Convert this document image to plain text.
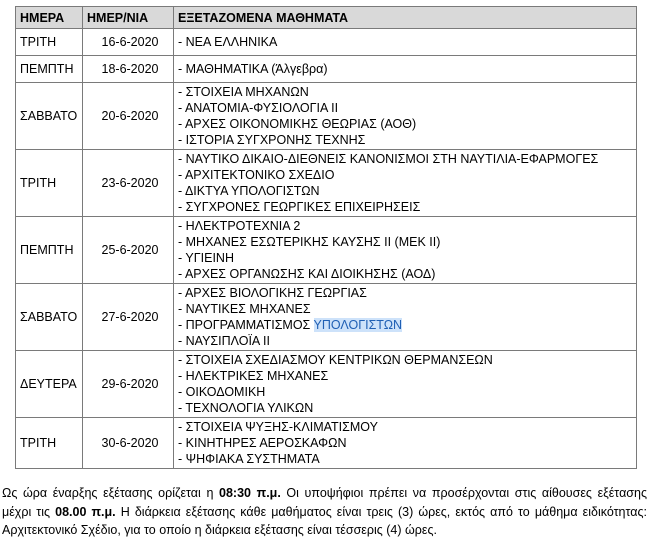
ΗΜΕΡΑ	ΗΜΕΡ/ΝΙΑ	ΕΞΕΤΑΖΟΜΕΝΑ ΜΑΘΗΜΑΤΑ
ΤΡΙΤΗ	16-6-2020	- ΝΕΑ ΕΛΛΗΝΙΚΑ

ΠΕΜΠΤΗ	18-6-2020	- ΜΑΘΗΜΑΤΙΚΑ (Άλγεβρα)

ΣΑΒΒΑΤΟ	20-6-2020	- ΣΤΟΙΧΕΙΑ ΜΗΧΑΝΩΝ
- ΑΝΑΤΟΜΙΑ-ΦΥΣΙΟΛΟΓΙΑ ΙΙ
- ΑΡΧΕΣ ΟΙΚΟΝΟΜΙΚΗΣ ΘΕΩΡΙΑΣ (ΑΟΘ)
- ΙΣΤΟΡΙΑ ΣΥΓΧΡΟΝΗΣ ΤΕΧΝΗΣ

ΤΡΙΤΗ	23-6-2020	- ΝΑΥΤΙΚΟ ΔΙΚΑΙΟ-ΔΙΕΘΝΕΙΣ ΚΑΝΟΝΙΣΜΟΙ ΣΤΗ ΝΑΥΤΙΛΙΑ-ΕΦΑΡΜΟΓΕΣ
- ΑΡΧΙΤΕΚΤΟΝΙΚΟ ΣΧΕΔΙΟ
- ΔΙΚΤΥΑ ΥΠΟΛΟΓΙΣΤΩΝ
- ΣΥΓΧΡΟΝΕΣ ΓΕΩΡΓΙΚΕΣ ΕΠΙΧΕΙΡΗΣΕΙΣ

ΠΕΜΠΤΗ	25-6-2020	- ΗΛΕΚΤΡΟΤΕΧΝΙΑ 2
- ΜΗΧΑΝΕΣ ΕΣΩΤΕΡΙΚΗΣ ΚΑΥΣΗΣ ΙΙ (ΜΕΚ ΙΙ)
- ΥΓΙΕΙΝΗ
- ΑΡΧΕΣ ΟΡΓΑΝΩΣΗΣ ΚΑΙ ΔΙΟΙΚΗΣΗΣ (ΑΟΔ)

ΣΑΒΒΑΤΟ	27-6-2020	- ΑΡΧΕΣ ΒΙΟΛΟΓΙΚΗΣ ΓΕΩΡΓΙΑΣ
- ΝΑΥΤΙΚΕΣ ΜΗΧΑΝΕΣ
- ΠΡΟΓΡΑΜΜΑΤΙΣΜΟΣ ΥΠΟΛΟΓΙΣΤΩΝ
- ΝΑΥΣΙΠΛΟΪΑ ΙΙ

ΔΕΥΤΕΡΑ	29-6-2020	- ΣΤΟΙΧΕΙΑ ΣΧΕΔΙΑΣΜΟΥ ΚΕΝΤΡΙΚΩΝ ΘΕΡΜΑΝΣΕΩΝ
- ΗΛΕΚΤΡΙΚΕΣ ΜΗΧΑΝΕΣ
- ΟΙΚΟΔΟΜΙΚΗ
- ΤΕΧΝΟΛΟΓΙΑ ΥΛΙΚΩΝ

ΤΡΙΤΗ	30-6-2020	- ΣΤΟΙΧΕΙΑ ΨΥΞΗΣ-ΚΛΙΜΑΤΙΣΜΟΥ
- ΚΙΝΗΤΗΡΕΣ ΑΕΡΟΣΚΑΦΩΝ
- ΨΗΦΙΑΚΑ ΣΥΣΤΗΜΑΤΑ

Ως ώρα έναρξης εξέτασης ορίζεται η 08:30 π.μ. Οι υποψήφιοι πρέπει να προσέρχονται στις αίθουσες εξέτασης μέχρι τις 08.00 π.μ. Η διάρκεια εξέτασης κάθε μαθήματος είναι τρεις (3) ώρες, εκτός από το μάθημα ειδικότητας: Αρχιτεκτονικό Σχέδιο, για το οποίο η διάρκεια εξέτασης είναι τέσσερις (4) ώρες.
